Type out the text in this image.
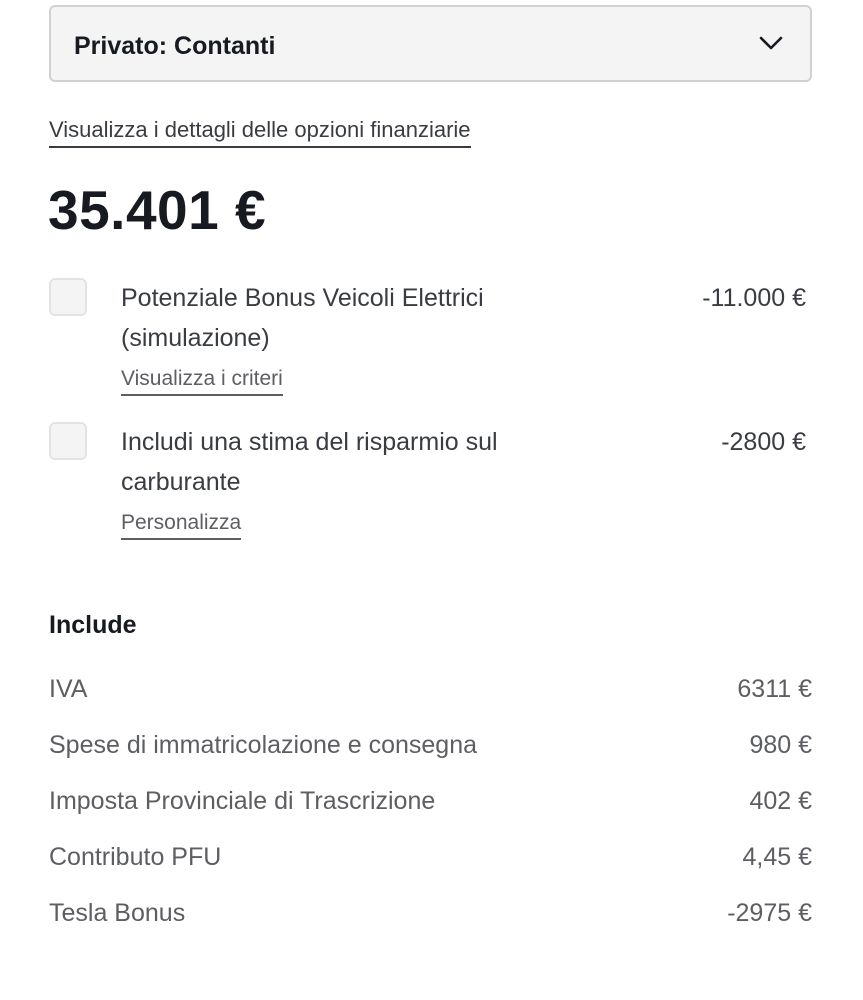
Privato: Contanti
Visualizza i dettagli delle opzioni finanziarie
35.401 €
Potenziale Bonus Veicoli Elettrici (simulazione)
-11.000 €
Visualizza i criteri
Includi una stima del risparmio sul carburante
-2800 €
Personalizza
Include
IVA	6311 €
Spese di immatricolazione e consegna	980 €
Imposta Provinciale di Trascrizione	402 €
Contributo PFU	4,45 €
Tesla Bonus	-2975 €
